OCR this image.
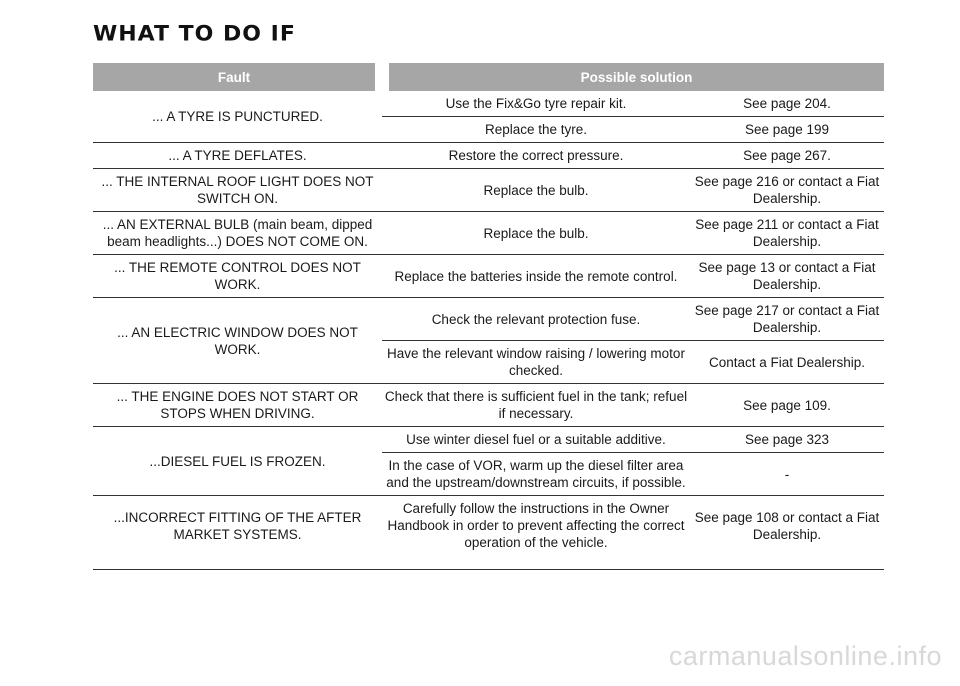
WHAT TO DO IF
Fault	Possible solution	
... A TYRE IS PUNCTURED.	Use the Fix&Go tyre repair kit.	See page 204.
	Replace the tyre.	See page 199
... A TYRE DEFLATES.	Restore the correct pressure.	See page 267.
... THE INTERNAL ROOF LIGHT DOES NOT SWITCH ON.	Replace the bulb.	See page 216 or contact a Fiat Dealership.
... AN EXTERNAL BULB (main beam, dipped beam headlights...) DOES NOT COME ON.	Replace the bulb.	See page 211 or contact a Fiat Dealership.
... THE REMOTE CONTROL DOES NOT WORK.	Replace the batteries inside the remote control.	See page 13 or contact a Fiat Dealership.
... AN ELECTRIC WINDOW DOES NOT WORK.	Check the relevant protection fuse.	See page 217 or contact a Fiat Dealership.
	Have the relevant window raising / lowering motor checked.	Contact a Fiat Dealership.
... THE ENGINE DOES NOT START OR STOPS WHEN DRIVING.	Check that there is sufficient fuel in the tank; refuel if necessary.	See page 109.
...DIESEL FUEL IS FROZEN.	Use winter diesel fuel or a suitable additive.	See page 323
	In the case of VOR, warm up the diesel filter area and the upstream/downstream circuits, if possible.	-
...INCORRECT FITTING OF THE AFTER MARKET SYSTEMS.	Carefully follow the instructions in the Owner Handbook in order to prevent affecting the correct operation of the vehicle.	See page 108 or contact a Fiat Dealership.
carmanualsonline.info
